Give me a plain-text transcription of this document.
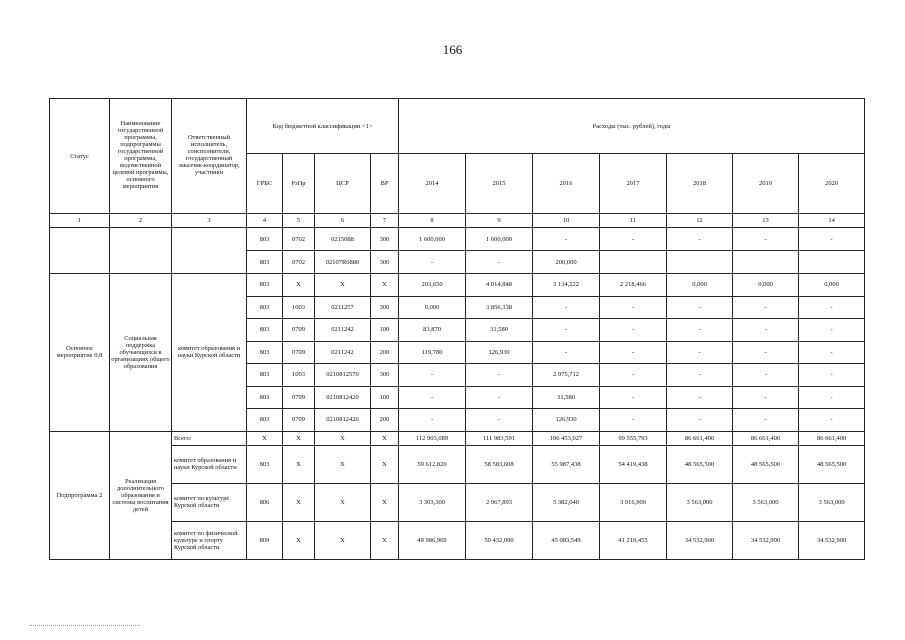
166
Статус	Наименование государственной программы, подпрограммы государственной программы, ведомственной целевой программы, основного мероприятия	Ответственный исполнитель, соисполнители, государственный заказчик-координатор, участники	Код бюджетной классификации <1>				Расходы (тыс. рублей), годы						
			ГРБС	РзПр	ЦСР	ВР	2014	2015	2016	2017	2018	2019	2020
1	2	3	4	5	6	7	8	9	10	11	12	13	14
			803	0702	0215088	300	1 600,000	1 600,000	-	-	-	-	-
			803	0702	02107R0880	300	-	-	200,000				
Основное мероприятие 0.8	Социальная поддержка обучающихся в организациях общего образования	комитет образования и науки Курской области	803	Х	Х	Х	203,650	4 014,848	3 134,222	2 218,466	0,000	0,000	0,000
			803	1003	0211257	300	0,000	3 856,338	-	-	-	-	-
			803	0709	0211242	100	83,870	31,580	-	-	-	-	-
			803	0709	0211242	200	119,780	126,930	-	-	-	-	-
			803	1003	0210812570	300	-	-	2 975,712	-	-	-	-
			803	0709	0210812420	100	-	-	31,580	-	-	-	-
			803	0709	0210812420	200	-	-	126,930	-	-	-	-
Подпрограмма 2	Реализация дополнительного образования и системы воспитания детей	Всего:	Х	Х	Х	Х	112 903,089	111 983,591	106 453,027	99 555,793	86 661,400	86 661,400	86 661,400
		комитет образования и науки Курской области	803	Х	Х	Х	59 612,820	58 583,608	55 987,438	54 419,438	48 565,500	48 565,500	48 565,500
		комитет по культуре Курской области	806	Х	Х	Х	3 303,300	2 967,893	5 382,040	3 916,900	3 563,000	3 563,000	3 563,000
		комитет по физической культуре и спорту Курской области	809	Х	Х	Х	49 986,969	50 432,090	45 083,549	41 219,455	34 532,900	34 532,900	34 532,900
